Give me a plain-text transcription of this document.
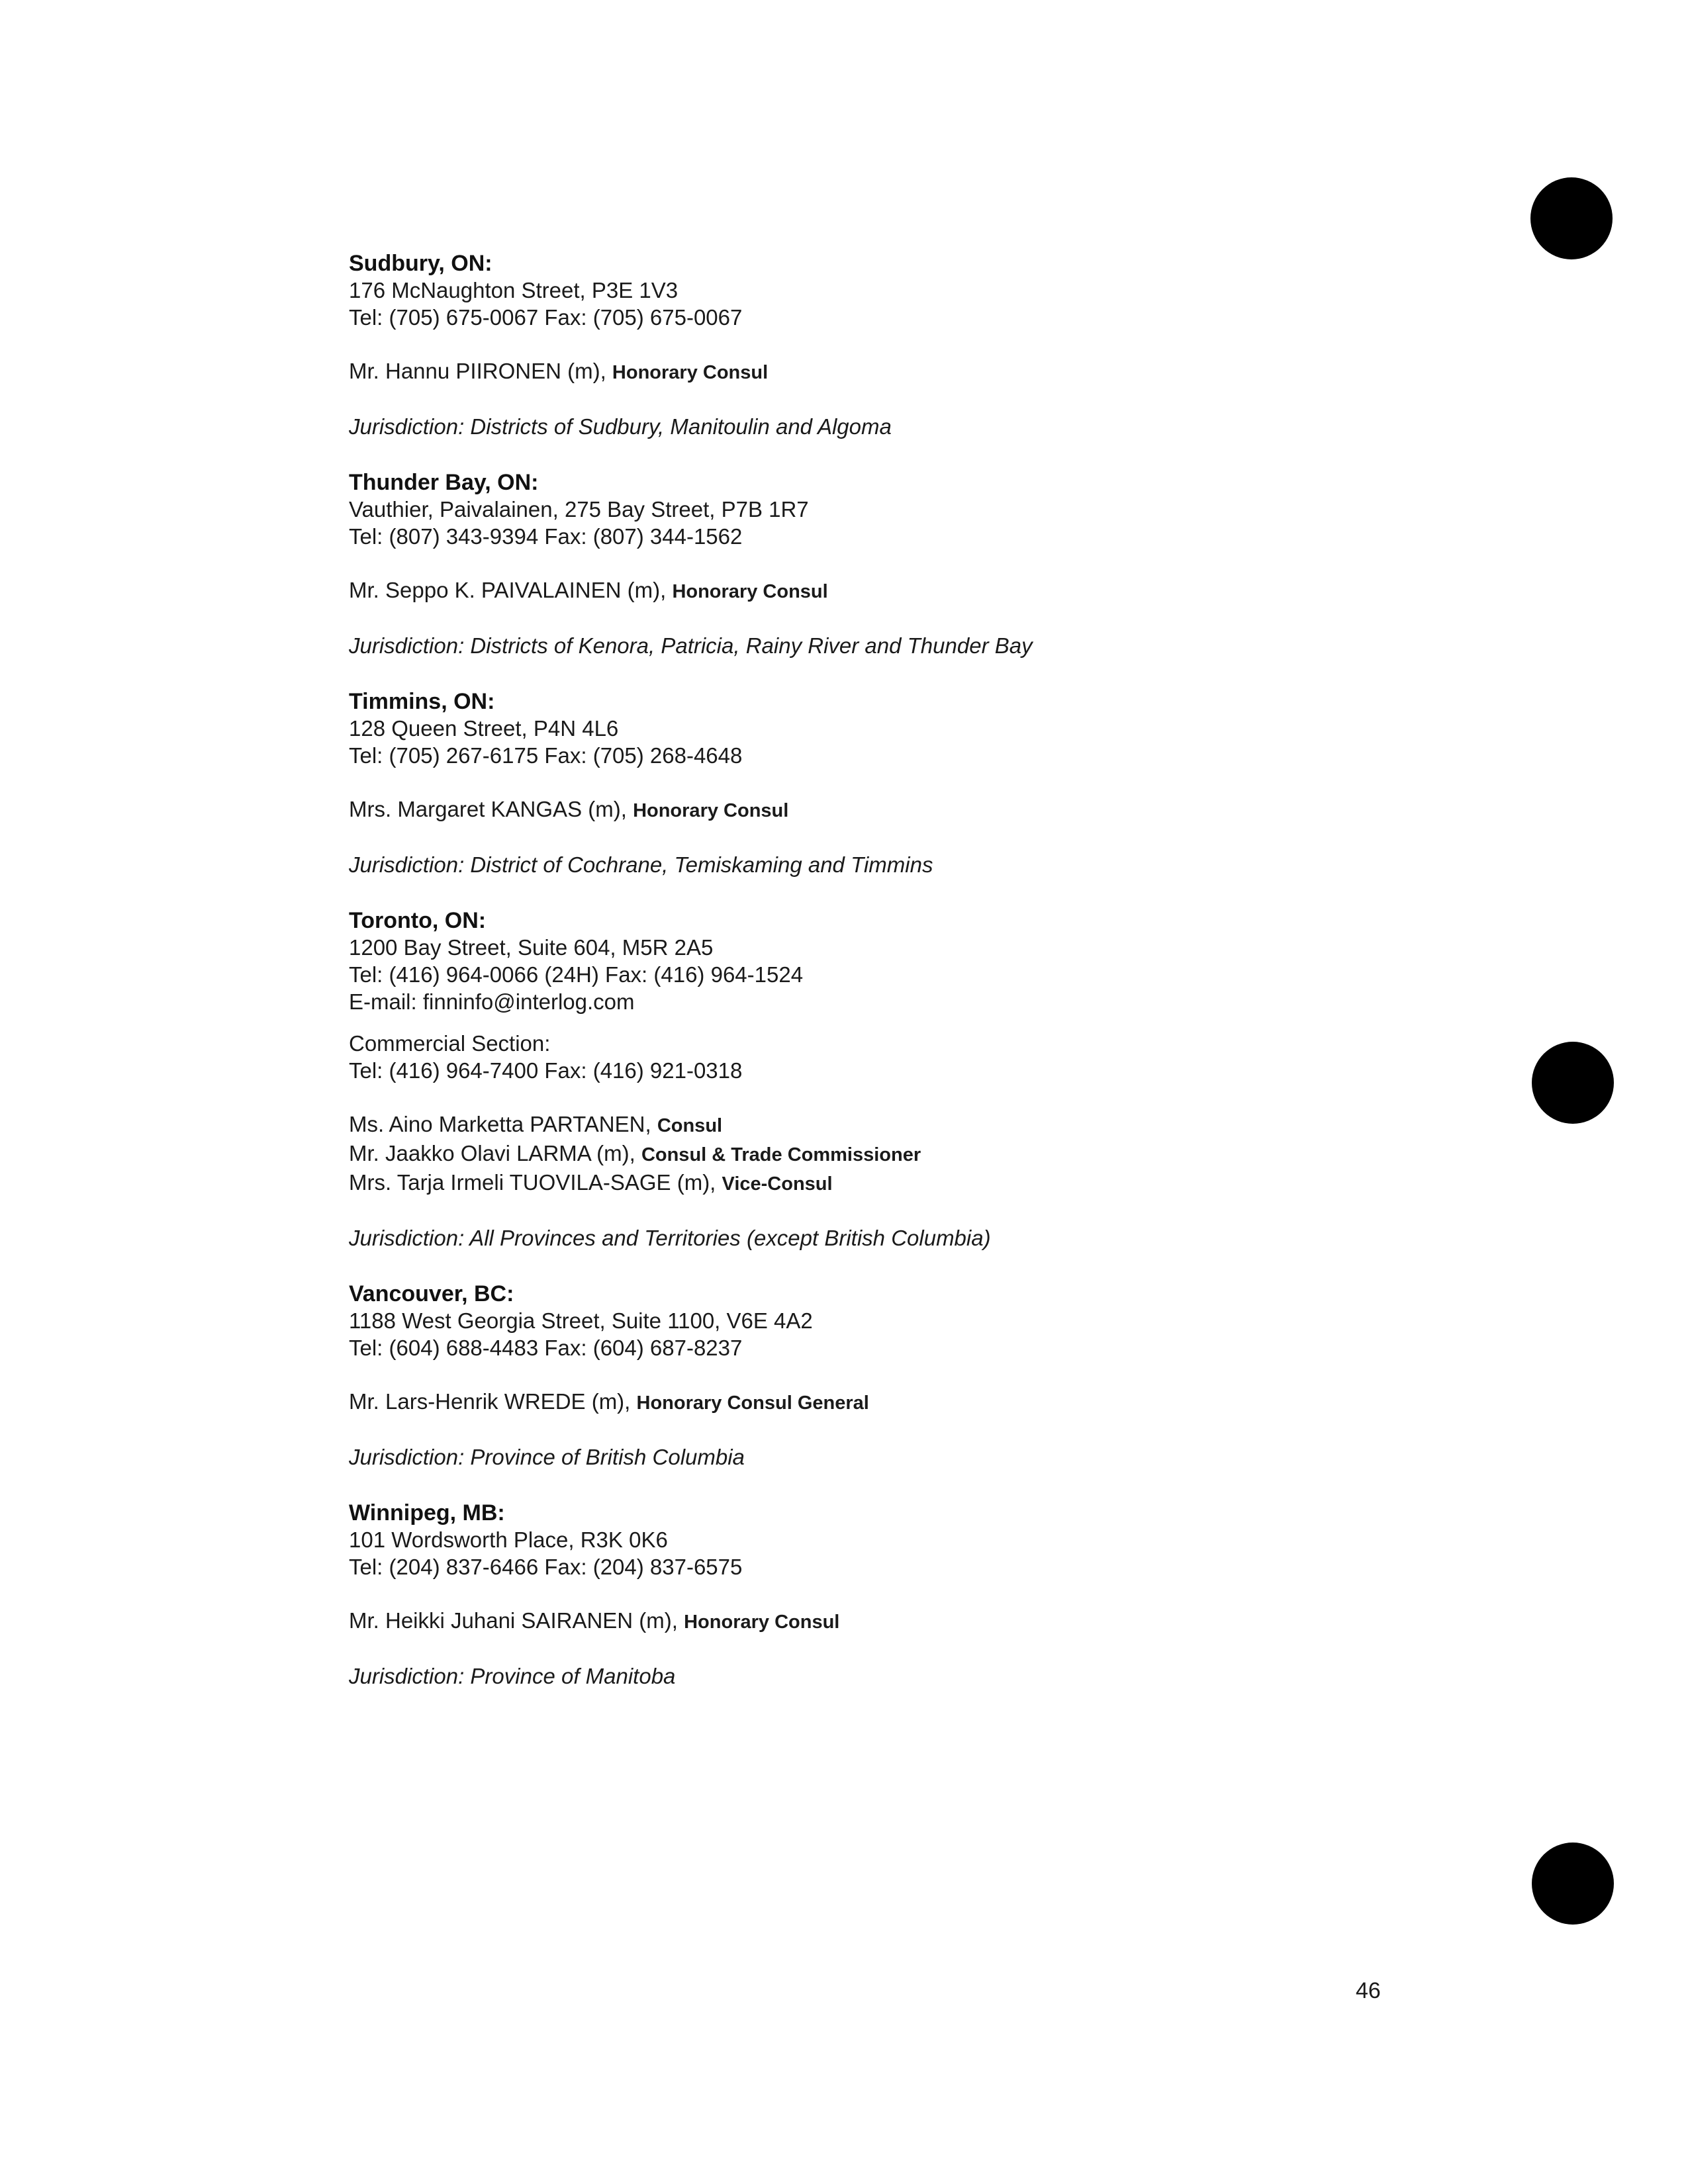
Sudbury, ON:
176 McNaughton Street, P3E 1V3
Tel: (705) 675-0067 Fax: (705) 675-0067
Mr. Hannu PIIRONEN (m), Honorary Consul
Jurisdiction: Districts of Sudbury, Manitoulin and Algoma
Thunder Bay, ON:
Vauthier, Paivalainen, 275 Bay Street, P7B 1R7
Tel: (807) 343-9394 Fax: (807) 344-1562
Mr. Seppo K. PAIVALAINEN (m), Honorary Consul
Jurisdiction: Districts of Kenora, Patricia, Rainy River and Thunder Bay
Timmins, ON:
128 Queen Street, P4N 4L6
Tel: (705) 267-6175 Fax: (705) 268-4648
Mrs. Margaret KANGAS (m), Honorary Consul
Jurisdiction: District of Cochrane, Temiskaming and Timmins
Toronto, ON:
1200 Bay Street, Suite 604, M5R 2A5
Tel: (416) 964-0066 (24H) Fax: (416) 964-1524
E-mail: finninfo@interlog.com
Commercial Section:
Tel: (416) 964-7400 Fax: (416) 921-0318
Ms. Aino Marketta PARTANEN, Consul
Mr. Jaakko Olavi LARMA (m), Consul & Trade Commissioner
Mrs. Tarja Irmeli TUOVILA-SAGE (m), Vice-Consul
Jurisdiction: All Provinces and Territories (except British Columbia)
Vancouver, BC:
1188 West Georgia Street, Suite 1100, V6E 4A2
Tel: (604) 688-4483 Fax: (604) 687-8237
Mr. Lars-Henrik WREDE (m), Honorary Consul General
Jurisdiction: Province of British Columbia
Winnipeg, MB:
101 Wordsworth Place, R3K 0K6
Tel: (204) 837-6466 Fax: (204) 837-6575
Mr. Heikki Juhani SAIRANEN (m), Honorary Consul
Jurisdiction: Province of Manitoba
46
